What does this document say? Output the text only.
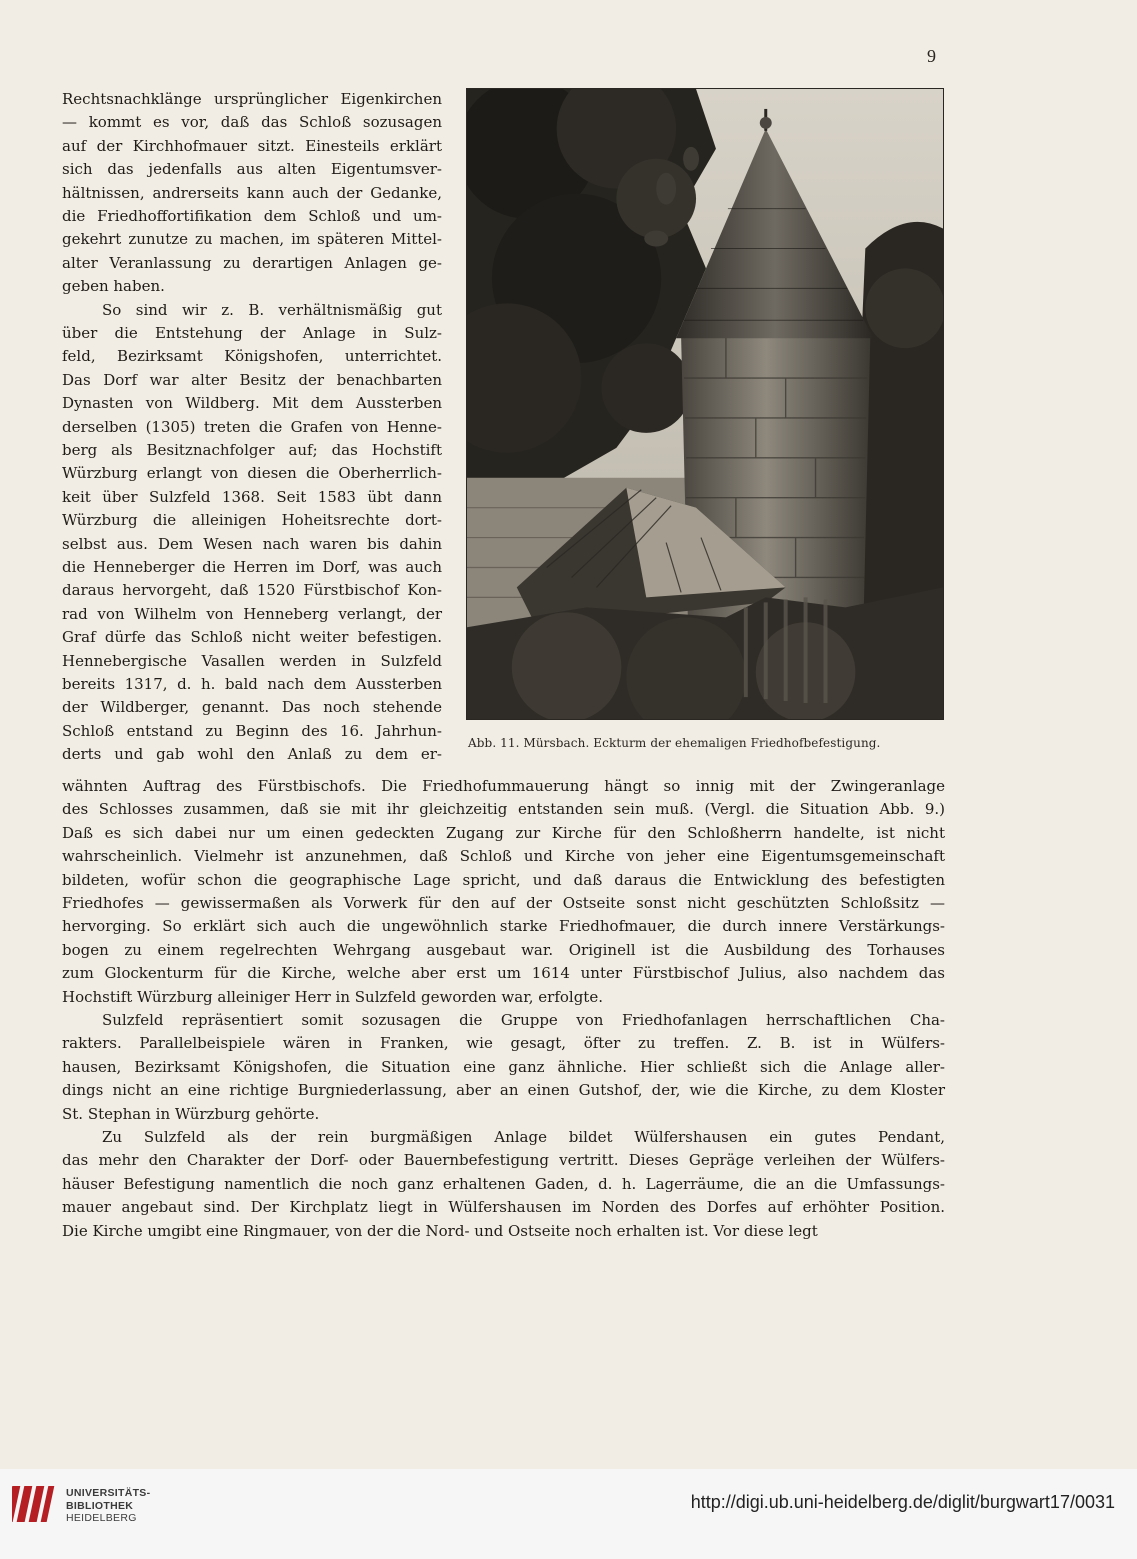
9
Rechtsnachklänge ursprünglicher Eigenkirchen
— kommt es vor, daß das Schloß sozusagen
auf der Kirchhofmauer sitzt. Einesteils erklärt
sich das jedenfalls aus alten Eigentumsver-
hältnissen, andrerseits kann auch der Gedanke,
die Friedhoffortifikation dem Schloß und um-
gekehrt zunutze zu machen, im späteren Mittel-
alter Veranlassung zu derartigen Anlagen ge-
geben haben.
So sind wir z. B. verhältnismäßig gut
über die Entstehung der Anlage in Sulz-
feld, Bezirksamt Königshofen, unterrichtet.
Das Dorf war alter Besitz der benachbarten
Dynasten von Wildberg. Mit dem Aussterben
derselben (1305) treten die Grafen von Henne-
berg als Besitznachfolger auf; das Hochstift
Würzburg erlangt von diesen die Oberherrlich-
keit über Sulzfeld 1368. Seit 1583 übt dann
Würzburg die alleinigen Hoheitsrechte dort-
selbst aus. Dem Wesen nach waren bis dahin
die Henneberger die Herren im Dorf, was auch
daraus hervorgeht, daß 1520 Fürstbischof Kon-
rad von Wilhelm von Henneberg verlangt, der
Graf dürfe das Schloß nicht weiter befestigen.
Hennebergische Vasallen werden in Sulzfeld
bereits 1317, d. h. bald nach dem Aussterben
der Wildberger, genannt. Das noch stehende
Schloß entstand zu Beginn des 16. Jahrhun-
derts und gab wohl den Anlaß zu dem er-
wähnten Auftrag des Fürstbischofs. Die Friedhofummauerung hängt so innig mit der Zwingeranlage
des Schlosses zusammen, daß sie mit ihr gleichzeitig entstanden sein muß. (Vergl. die Situation Abb. 9.)
Daß es sich dabei nur um einen gedeckten Zugang zur Kirche für den Schloßherrn handelte, ist nicht
wahrscheinlich. Vielmehr ist anzunehmen, daß Schloß und Kirche von jeher eine Eigentumsgemeinschaft
bildeten, wofür schon die geographische Lage spricht, und daß daraus die Entwicklung des befestigten
Friedhofes — gewissermaßen als Vorwerk für den auf der Ostseite sonst nicht geschützten Schloßsitz —
hervorging. So erklärt sich auch die ungewöhnlich starke Friedhofmauer, die durch innere Verstärkungs-
bogen zu einem regelrechten Wehrgang ausgebaut war. Originell ist die Ausbildung des Torhauses
zum Glockenturm für die Kirche, welche aber erst um 1614 unter Fürstbischof Julius, also nachdem das
Hochstift Würzburg alleiniger Herr in Sulzfeld geworden war, erfolgte.
Sulzfeld repräsentiert somit sozusagen die Gruppe von Friedhofanlagen herrschaftlichen Cha-
rakters. Parallelbeispiele wären in Franken, wie gesagt, öfter zu treffen. Z. B. ist in Wülfers-
hausen, Bezirksamt Königshofen, die Situation eine ganz ähnliche. Hier schließt sich die Anlage aller-
dings nicht an eine richtige Burgniederlassung, aber an einen Gutshof, der, wie die Kirche, zu dem Kloster
St. Stephan in Würzburg gehörte.
Zu Sulzfeld als der rein burgmäßigen Anlage bildet Wülfershausen ein gutes Pendant,
das mehr den Charakter der Dorf- oder Bauernbefestigung vertritt. Dieses Gepräge verleihen der Wülfers-
häuser Befestigung namentlich die noch ganz erhaltenen Gaden, d. h. Lagerräume, die an die Umfassungs-
mauer angebaut sind. Der Kirchplatz liegt in Wülfershausen im Norden des Dorfes auf erhöhter Position.
Die Kirche umgibt eine Ringmauer, von der die Nord- und Ostseite noch erhalten ist. Vor diese legt
Abb. 11. Mürsbach. Eckturm der ehemaligen Friedhofbefestigung.
UNIVERSITÄTS-
BIBLIOTHEK
HEIDELBERG
http://digi.ub.uni-heidelberg.de/diglit/burgwart17/0031
